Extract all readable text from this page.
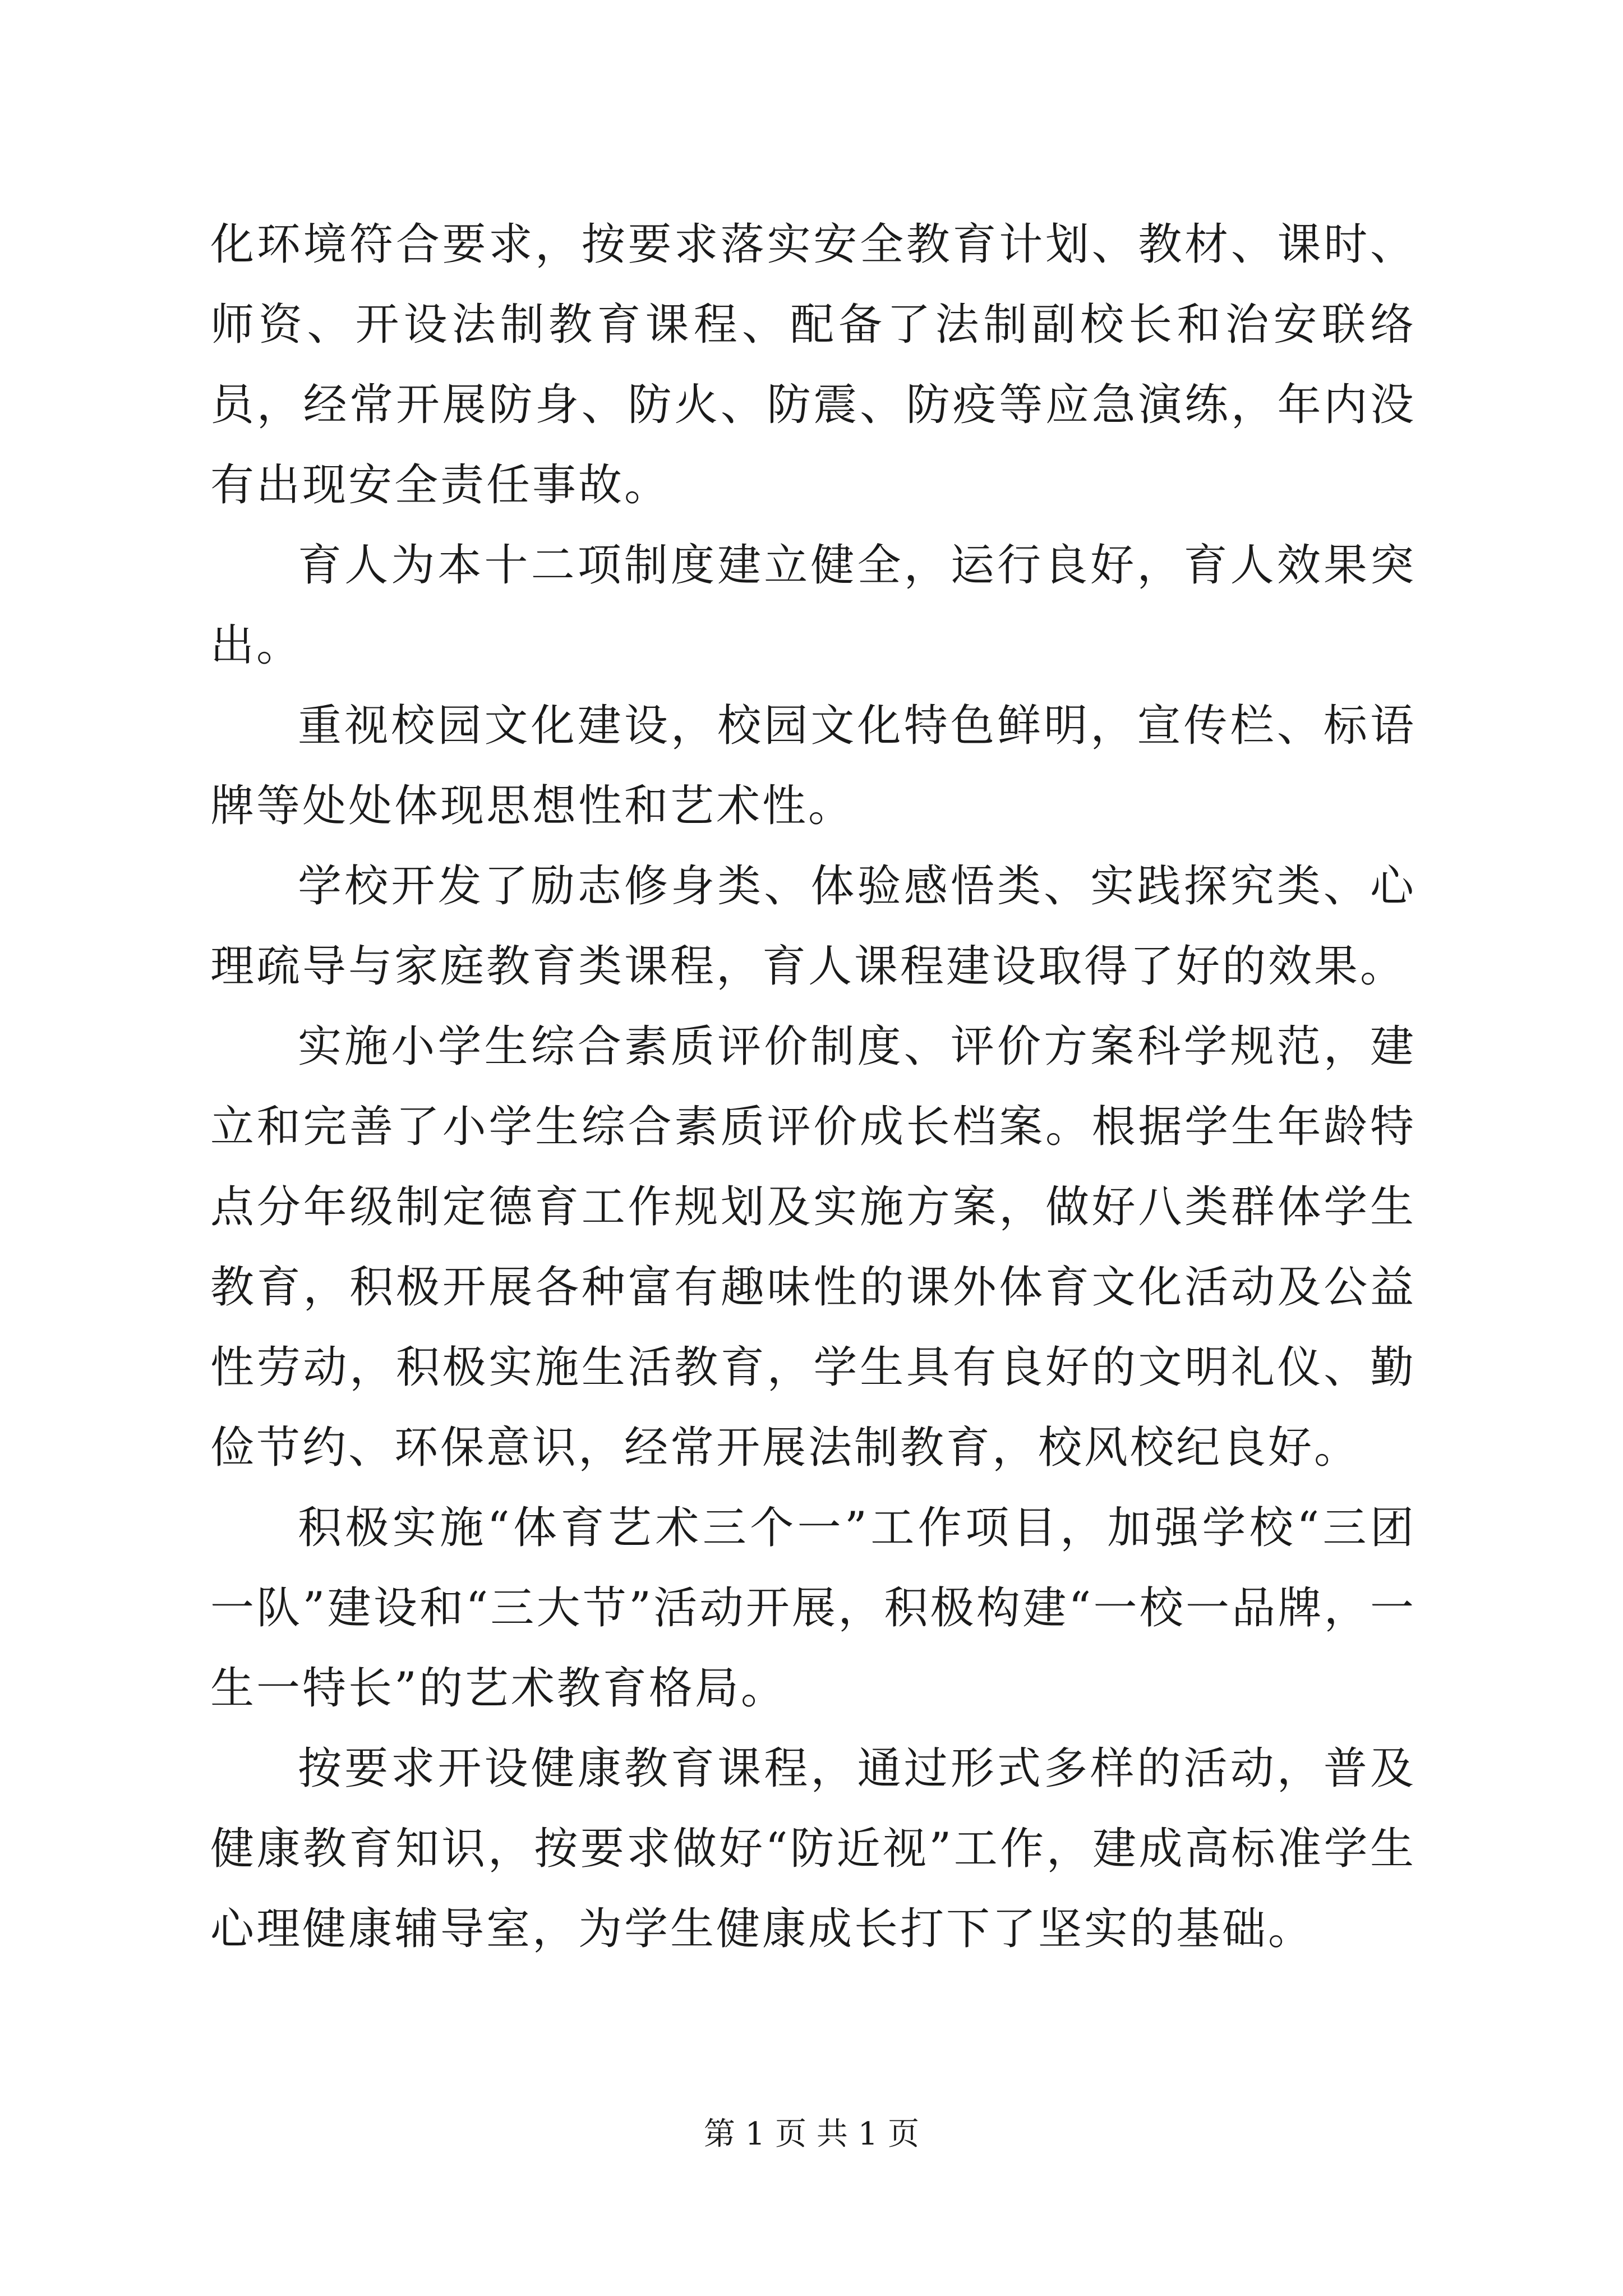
化环境符合要求，按要求落实安全教育计划、教材、课时、师资、开设法制教育课程、配备了法制副校长和治安联络员，经常开展防身、防火、防震、防疫等应急演练，年内没有出现安全责任事故。

育人为本十二项制度建立健全，运行良好，育人效果突出。

重视校园文化建设，校园文化特色鲜明，宣传栏、标语牌等处处体现思想性和艺术性。

学校开发了励志修身类、体验感悟类、实践探究类、心理疏导与家庭教育类课程，育人课程建设取得了好的效果。

实施小学生综合素质评价制度、评价方案科学规范，建立和完善了小学生综合素质评价成长档案。根据学生年龄特点分年级制定德育工作规划及实施方案，做好八类群体学生教育，积极开展各种富有趣味性的课外体育文化活动及公益性劳动，积极实施生活教育，学生具有良好的文明礼仪、勤俭节约、环保意识，经常开展法制教育，校风校纪良好。

积极实施“体育艺术三个一”工作项目，加强学校“三团一队”建设和“三大节”活动开展，积极构建“一校一品牌，一生一特长”的艺术教育格局。

按要求开设健康教育课程，通过形式多样的活动，普及健康教育知识，按要求做好“防近视”工作，建成高标准学生心理健康辅导室，为学生健康成长打下了坚实的基础。

第 1 页 共 1 页
